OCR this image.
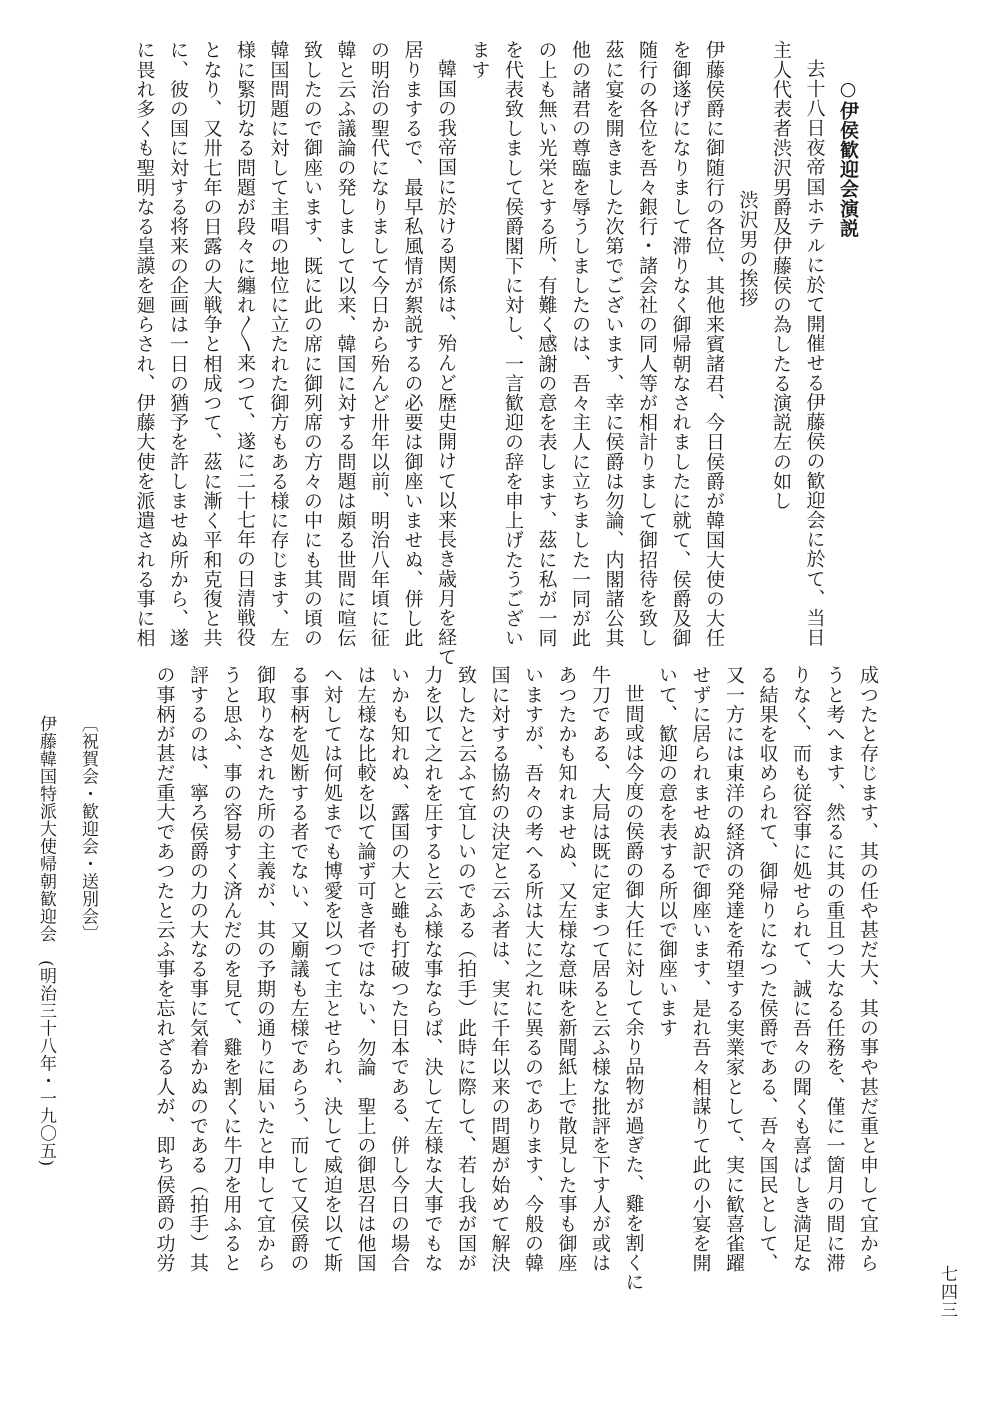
○伊侯歓迎会演説

去十八日夜帝国ホテルに於て開催せる伊藤侯の歓迎会に於て、当日

主人代表者渋沢男爵及伊藤侯の為したる演説左の如し

渋沢男の挨拶

伊藤侯爵に御随行の各位、其他来賓諸君、今日侯爵が韓国大使の大任

を御遂げになりまして滞りなく御帰朝なされましたに就て、侯爵及御

随行の各位を吾々銀行・諸会社の同人等が相計りまして御招待を致し

茲に宴を開きました次第でございます、幸に侯爵は勿論、内閣諸公其

他の諸君の尊臨を辱うしましたのは、吾々主人に立ちました一同が此

の上も無い光栄とする所、有難く感謝の意を表します、茲に私が一同

を代表致しまして侯爵閣下に対し、一言歓迎の辞を申上げたうござい

ます

韓国の我帝国に於ける関係は、殆んど歴史開けて以来長き歳月を経て

居りまするで、最早私風情が絮説するの必要は御座いませぬ、併し此

の明治の聖代になりまして今日から殆んど卅年以前、明治八年頃に征

韓と云ふ議論の発しまして以来、韓国に対する問題は頗る世間に喧伝

致したので御座います、既に此の席に御列席の方々の中にも其の頃の

韓国問題に対して主唱の地位に立たれた御方もある様に存じます、左

様に緊切なる問題が段々に纏れ〳〵来つて、遂に二十七年の日清戦役

となり、又卅七年の日露の大戦争と相成つて、茲に漸く平和克復と共

に、彼の国に対する将来の企画は一日の猶予を許しませぬ所から、遂

に畏れ多くも聖明なる皇謨を廻らされ、伊藤大使を派遣される事に相

成つたと存じます、其の任や甚だ大、其の事や甚だ重と申して宜から

うと考へます、然るに其の重且つ大なる任務を、僅に一箇月の間に滞

りなく、而も従容事に処せられて、誠に吾々の聞くも喜ばしき満足な

る結果を収められて、御帰りになつた侯爵である、吾々国民として、

又一方には東洋の経済の発達を希望する実業家として、実に歓喜雀躍

せずに居られませぬ訳で御座います、是れ吾々相謀りて此の小宴を開

いて、歓迎の意を表する所以で御座います

世間或は今度の侯爵の御大任に対して余り品物が過ぎた、雞を割くに

牛刀である、大局は既に定まつて居ると云ふ様な批評を下す人が或は

あつたかも知れませぬ、又左様な意味を新聞紙上で散見した事も御座

いますが、吾々の考へる所は大に之れに異るのであります、今般の韓

国に対する協約の決定と云ふ者は、実に千年以来の問題が始めて解決

致したと云ふて宜しいのである（拍手）此時に際して、若し我が国が

力を以て之れを圧すると云ふ様な事ならば、決して左様な大事でもな

いかも知れぬ、露国の大と雖も打破つた日本である、併し今日の場合

は左様な比較を以て論ず可き者ではない、勿論　聖上の御思召は他国

へ対しては何処までも博愛を以つて主とせられ、決して威迫を以て斯

る事柄を処断する者でない、又廟議も左様であらう、而して又侯爵の

御取りなされた所の主義が、其の予期の通りに届いたと申して宜から

うと思ふ、事の容易すく済んだのを見て、雞を割くに牛刀を用ふると

評するのは、寧ろ侯爵の力の大なる事に気着かぬのである（拍手）其

の事柄が甚だ重大であつたと云ふ事を忘れざる人が、即ち侯爵の功労

〔祝賀会・歓迎会・送別会〕
伊藤韓国特派大使帰朝歓迎会　(明治三十八年・一九〇五)
七四三
